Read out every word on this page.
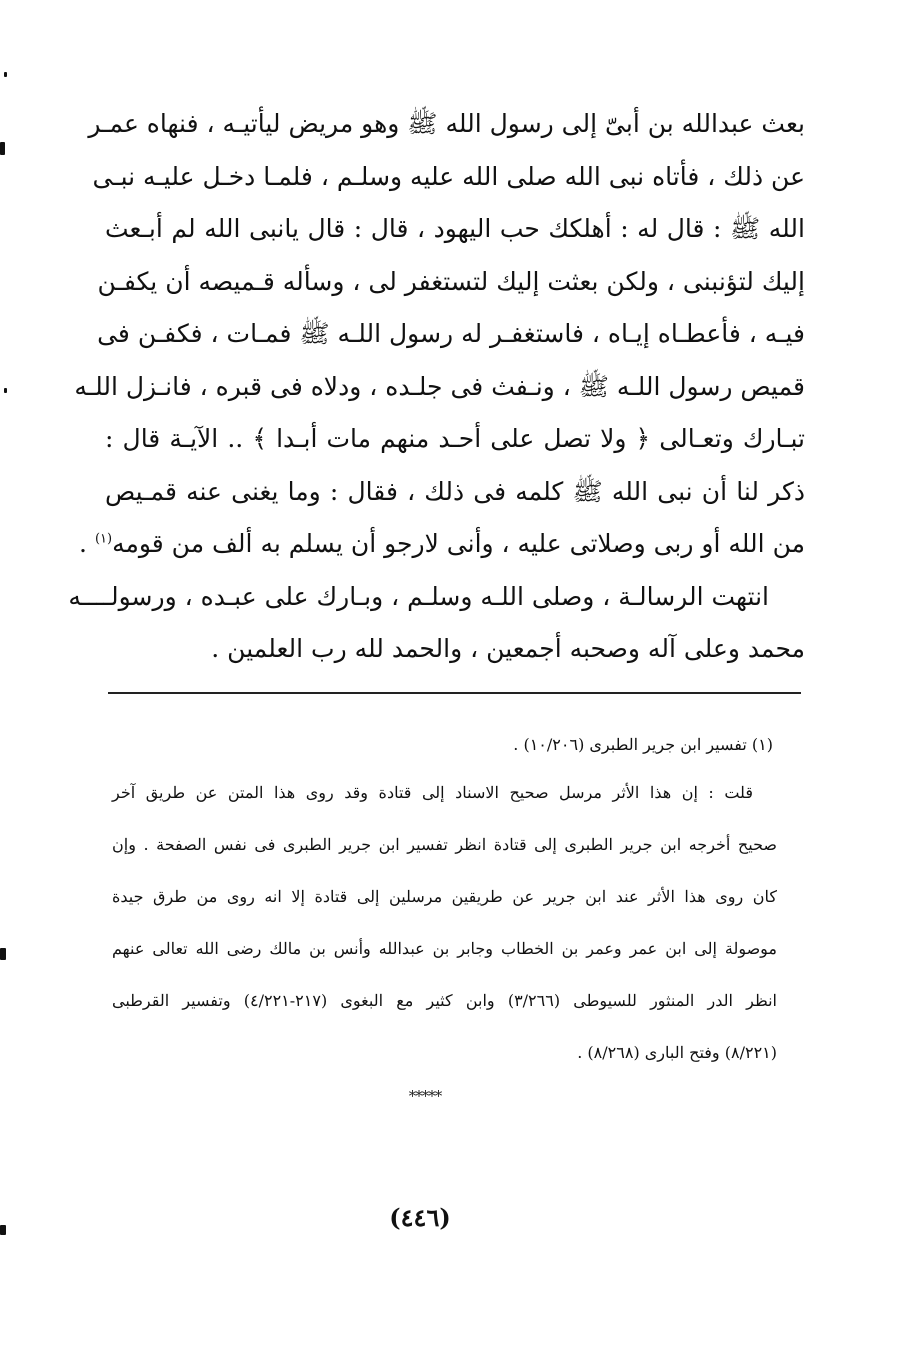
بعث عبدالله بن أبىّ إلى رسول الله ﷺ وهو مريض ليأتيـه ، فنهاه عمـر
عن ذلك ، فأتاه نبى الله صلى الله عليه وسلـم ، فلمـا دخـل عليـه نبـى
الله ﷺ : قال له : أهلكك حب اليهود ، قال : قال يانبى الله لم أبـعث
إليك لتؤنبنى ، ولكن بعثت إليك لتستغفر لى ، وسأله قـميصه أن يكفـن
فيـه ، فأعطـاه إيـاه ، فاستغفـر له رسول اللـه ﷺ فمـات ، فكفـن فى
قميص رسول اللـه ﷺ ، ونـفث فى جلـده ، ودلاه فى قبره ، فانـزل اللـه
تبـارك وتعـالى ﴿ ولا تصل على أحـد منهم مات أبـدا ﴾ .. الآيـة قال :
ذكر لنا أن نبى الله ﷺ كلمه فى ذلك ، فقال : وما يغنى عنه قمـيص
من الله أو ربى وصلاتى عليه ، وأنى لارجو أن يسلم به ألف من قومه$^{(١)}$ .
انتهت الرسالـة ، وصلى اللـه وسلـم ، وبـارك على عبـده ، ورسولــــه
محمد وعلى آله وصحبه أجمعين ، والحمد لله رب العلمين .
(١) تفسير ابن جرير الطبرى (١٠/٢٠٦) .
قلت : إن هذا الأثر مرسل صحيح الاسناد إلى قتادة وقد روى هذا المتن عن طريق آخر
صحيح أخرجه ابن جرير الطبرى إلى قتادة انظر تفسير ابن جرير الطبرى فى نفس الصفحة . وإن
كان روى هذا الأثر عند ابن جرير عن طريقين مرسلين إلى قتادة إلا انه روى من طرق جيدة
موصولة إلى ابن عمر وعمر بن الخطاب وجابر بن عبدالله وأنس بن مالك رضى الله تعالى عنهم
انظر الدر المنثور للسيوطى (٣/٢٦٦) وابن كثير مع البغوى (٢١٧-٤/٢٢١) وتفسير القرطبى
(٨/٢٢١) وفتح البارى (٨/٢٦٨) .
*****
(٤٤٦)
